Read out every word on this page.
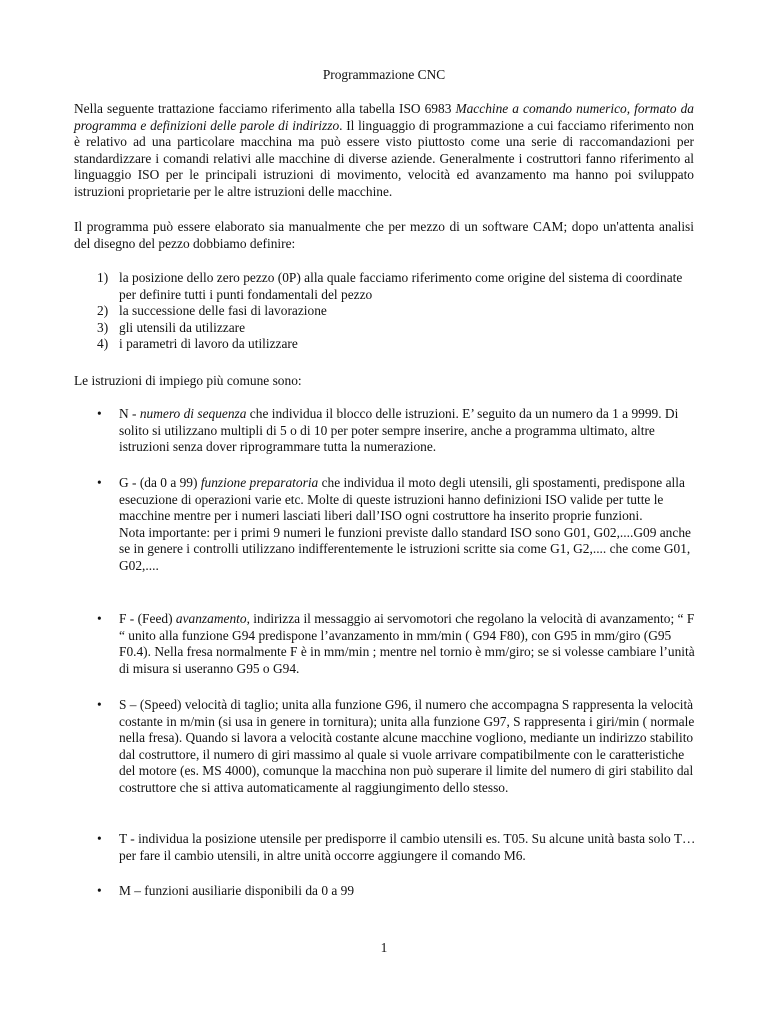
Programmazione CNC
Nella seguente trattazione facciamo riferimento alla tabella ISO 6983 Macchine a comando numerico, formato da programma e definizioni delle parole di indirizzo. Il linguaggio di programmazione a cui facciamo riferimento non è relativo ad una particolare macchina ma può essere visto piuttosto come una serie di raccomandazioni per standardizzare i comandi relativi alle macchine di diverse aziende. Generalmente i costruttori fanno riferimento al linguaggio ISO per le principali istruzioni di movimento, velocità ed avanzamento ma hanno poi sviluppato istruzioni proprietarie per le altre istruzioni delle macchine.
Il programma può essere elaborato sia manualmente che per mezzo di un software CAM; dopo un'attenta analisi del disegno del pezzo dobbiamo definire:
1) la posizione dello zero pezzo (0P) alla quale facciamo riferimento come origine del sistema di coordinate per definire tutti i punti fondamentali del pezzo
2) la successione delle fasi di lavorazione
3) gli utensili da utilizzare
4) i parametri di lavoro da utilizzare
Le istruzioni di impiego più comune sono:
• N - numero di sequenza che individua il blocco delle istruzioni. E’ seguito da un numero da 1 a 9999. Di solito si utilizzano multipli di 5 o di 10 per poter sempre inserire, anche a programma ultimato, altre istruzioni senza dover riprogrammare tutta la numerazione.
• G - (da 0 a 99) funzione preparatoria che individua il moto degli utensili, gli spostamenti, predispone alla esecuzione di operazioni varie etc. Molte di queste istruzioni hanno definizioni ISO valide per tutte le macchine mentre per i numeri lasciati liberi dall’ISO ogni costruttore ha inserito proprie funzioni.
Nota importante: per i primi 9 numeri le funzioni previste dallo standard ISO sono G01, G02,....G09 anche se in genere i controlli utilizzano indifferentemente le istruzioni scritte sia come G1, G2,.... che come G01, G02,....
• F - (Feed) avanzamento, indirizza il messaggio ai servomotori che regolano la velocità di avanzamento; “ F “ unito alla funzione G94 predispone l’avanzamento in mm/min ( G94 F80), con G95 in mm/giro (G95 F0.4). Nella fresa normalmente F è in mm/min ; mentre nel tornio è mm/giro; se si volesse cambiare l’unità di misura si useranno G95 o G94.
• S – (Speed) velocità di taglio; unita alla funzione G96, il numero che accompagna S rappresenta la velocità costante in m/min (si usa in genere in tornitura); unita alla funzione G97, S rappresenta i giri/min ( normale nella fresa). Quando si lavora a velocità costante alcune macchine vogliono, mediante un indirizzo stabilito dal costruttore, il numero di giri massimo al quale si vuole arrivare compatibilmente con le caratteristiche del motore (es. MS 4000), comunque la macchina non può superare il limite del numero di giri stabilito dal costruttore che si attiva automaticamente al raggiungimento dello stesso.
• T - individua la posizione utensile per predisporre il cambio utensili es. T05. Su alcune unità basta solo T… per fare il cambio utensili, in altre unità occorre aggiungere il comando M6.
• M – funzioni ausiliarie disponibili da 0 a 99
1
